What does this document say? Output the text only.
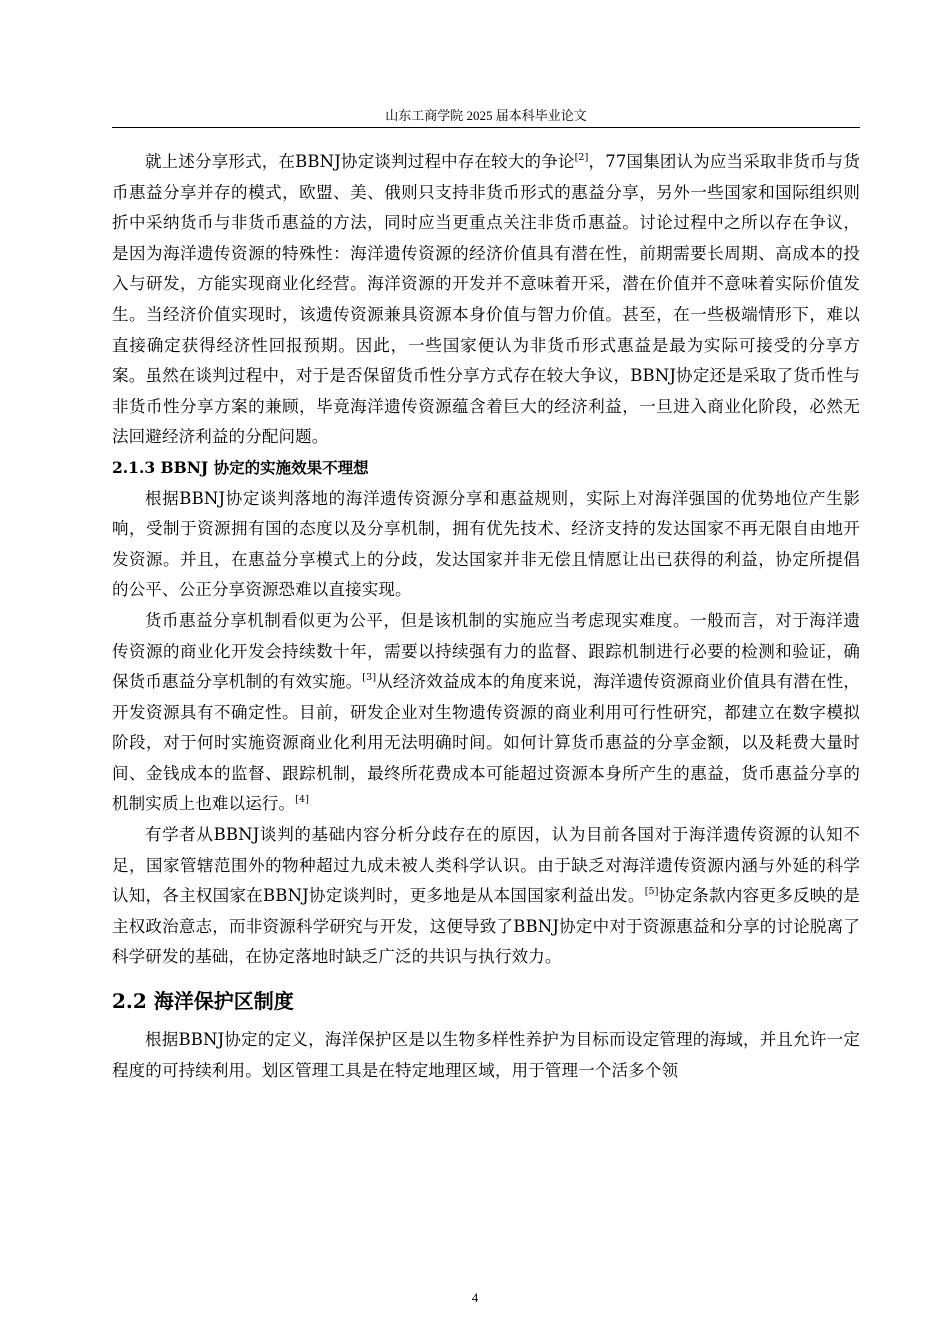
山东工商学院 2025 届本科毕业论文

就上述分享形式，在BBNJ协定谈判过程中存在较大的争论[2]，77国集团认为应当采取非货币与货币惠益分享并存的模式，欧盟、美、俄则只支持非货币形式的惠益分享，另外一些国家和国际组织则折中采纳货币与非货币惠益的方法，同时应当更重点关注非货币惠益。讨论过程中之所以存在争议，是因为海洋遗传资源的特殊性：海洋遗传资源的经济价值具有潜在性，前期需要长周期、高成本的投入与研发，方能实现商业化经营。海洋资源的开发并不意味着开采，潜在价值并不意味着实际价值发生。当经济价值实现时，该遗传资源兼具资源本身价值与智力价值。甚至，在一些极端情形下，难以直接确定获得经济性回报预期。因此，一些国家便认为非货币形式惠益是最为实际可接受的分享方案。虽然在谈判过程中，对于是否保留货币性分享方式存在较大争议，BBNJ协定还是采取了货币性与非货币性分享方案的兼顾，毕竟海洋遗传资源蕴含着巨大的经济利益，一旦进入商业化阶段，必然无法回避经济利益的分配问题。

2.1.3 BBNJ 协定的实施效果不理想

根据BBNJ协定谈判落地的海洋遗传资源分享和惠益规则，实际上对海洋强国的优势地位产生影响，受制于资源拥有国的态度以及分享机制，拥有优先技术、经济支持的发达国家不再无限自由地开发资源。并且，在惠益分享模式上的分歧，发达国家并非无偿且情愿让出已获得的利益，协定所提倡的公平、公正分享资源恐难以直接实现。

货币惠益分享机制看似更为公平，但是该机制的实施应当考虑现实难度。一般而言，对于海洋遗传资源的商业化开发会持续数十年，需要以持续强有力的监督、跟踪机制进行必要的检测和验证，确保货币惠益分享机制的有效实施。[3]从经济效益成本的角度来说，海洋遗传资源商业价值具有潜在性，开发资源具有不确定性。目前，研发企业对生物遗传资源的商业利用可行性研究，都建立在数字模拟阶段，对于何时实施资源商业化利用无法明确时间。如何计算货币惠益的分享金额，以及耗费大量时间、金钱成本的监督、跟踪机制，最终所花费成本可能超过资源本身所产生的惠益，货币惠益分享的机制实质上也难以运行。[4]

有学者从BBNJ谈判的基础内容分析分歧存在的原因，认为目前各国对于海洋遗传资源的认知不足，国家管辖范围外的物种超过九成未被人类科学认识。由于缺乏对海洋遗传资源内涵与外延的科学认知，各主权国家在BBNJ协定谈判时，更多地是从本国国家利益出发。[5]协定条款内容更多反映的是主权政治意志，而非资源科学研究与开发，这便导致了BBNJ协定中对于资源惠益和分享的讨论脱离了科学研发的基础，在协定落地时缺乏广泛的共识与执行效力。

2.2 海洋保护区制度

根据BBNJ协定的定义，海洋保护区是以生物多样性养护为目标而设定管理的海域，并且允许一定程度的可持续利用。划区管理工具是在特定地理区域，用于管理一个活多个领

4
